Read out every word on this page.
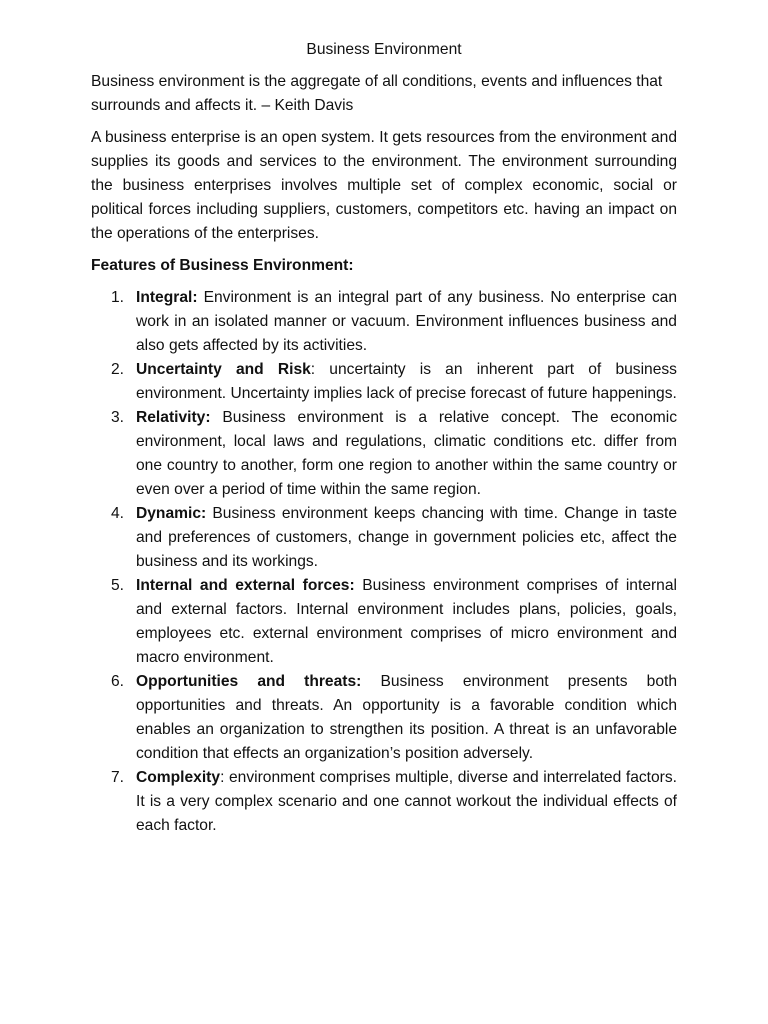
Business Environment

Business environment is the aggregate of all conditions, events and influences that surrounds and affects it. – Keith Davis

A business enterprise is an open system. It gets resources from the environment and supplies its goods and services to the environment. The environment surrounding the business enterprises involves multiple set of complex economic, social or political forces including suppliers, customers, competitors etc. having an impact on the operations of the enterprises.

Features of Business Environment:
1. Integral: Environment is an integral part of any business. No enterprise can work in an isolated manner or vacuum. Environment influences business and also gets affected by its activities.
2. Uncertainty and Risk: uncertainty is an inherent part of business environment. Uncertainty implies lack of precise forecast of future happenings.
3. Relativity: Business environment is a relative concept. The economic environment, local laws and regulations, climatic conditions etc. differ from one country to another, form one region to another within the same country or even over a period of time within the same region.
4. Dynamic: Business environment keeps chancing with time. Change in taste and preferences of customers, change in government policies etc, affect the business and its workings.
5. Internal and external forces: Business environment comprises of internal and external factors. Internal environment includes plans, policies, goals, employees etc. external environment comprises of micro environment and macro environment.
6. Opportunities and threats: Business environment presents both opportunities and threats. An opportunity is a favorable condition which enables an organization to strengthen its position. A threat is an unfavorable condition that effects an organization’s position adversely.
7. Complexity: environment comprises multiple, diverse and interrelated factors. It is a very complex scenario and one cannot workout the individual effects of each factor.
